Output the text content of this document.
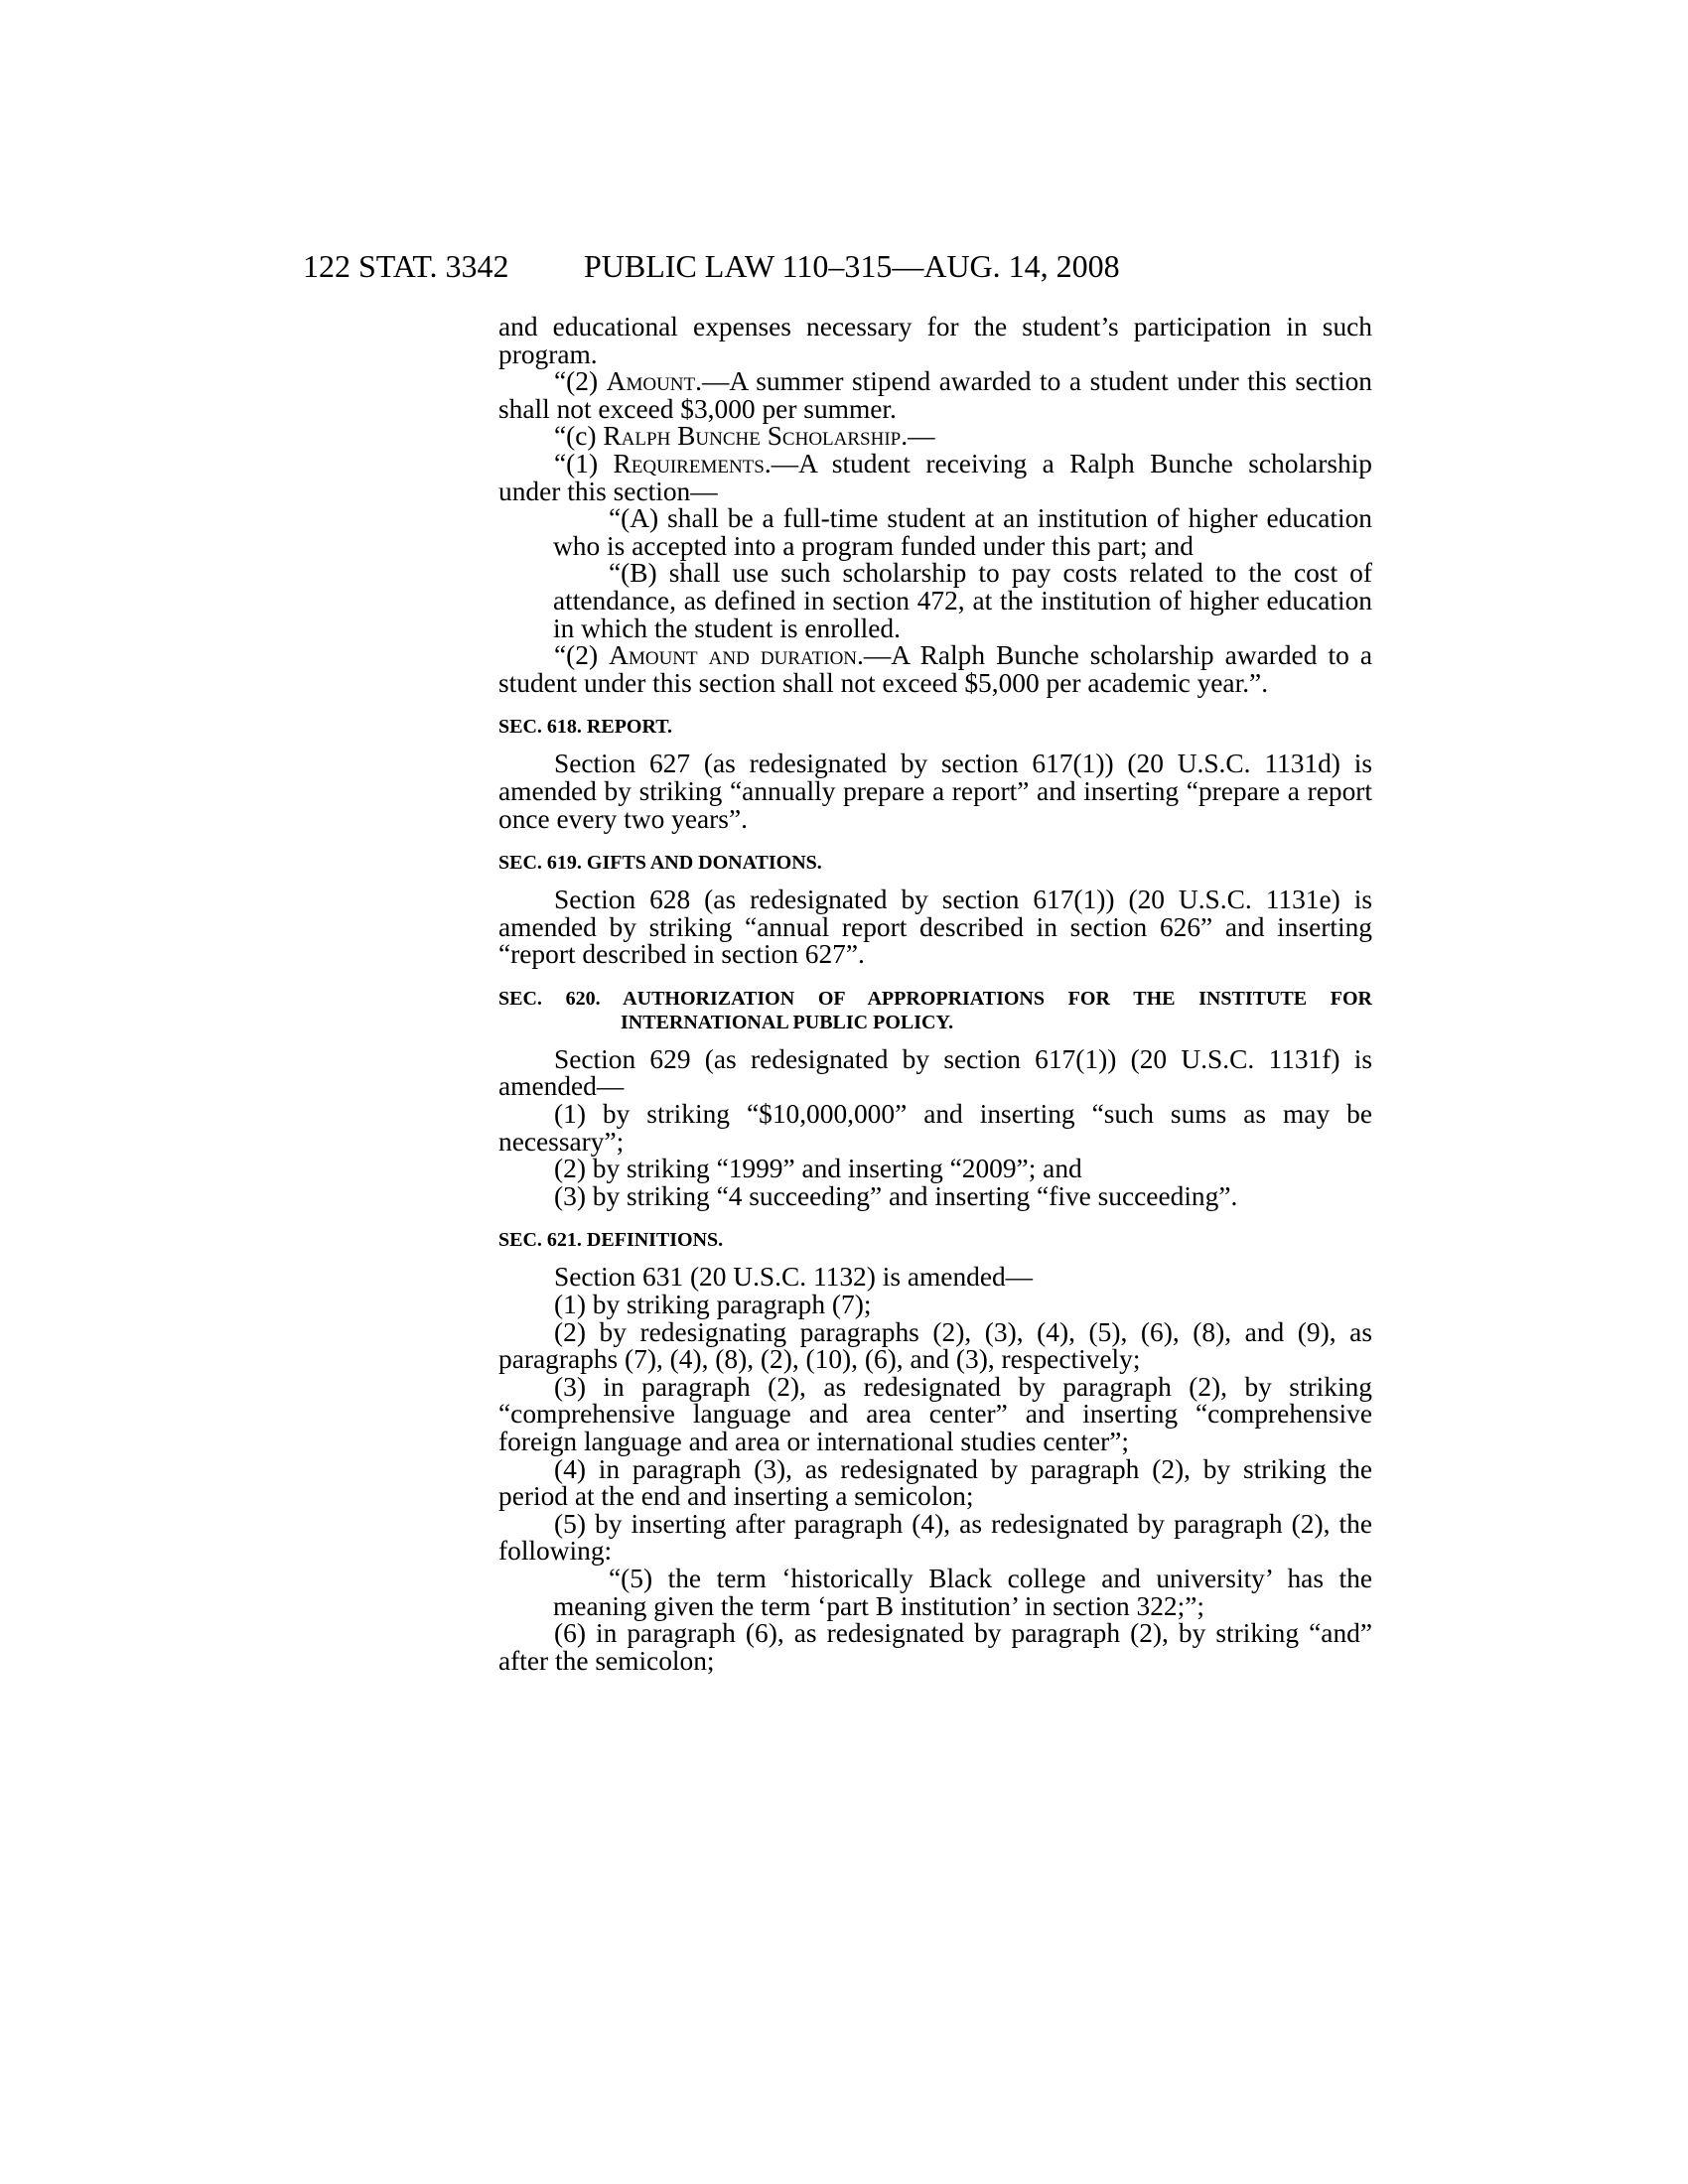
122 STAT. 3342 PUBLIC LAW 110–315—AUG. 14, 2008

and educational expenses necessary for the student’s participation in such program.

“(2) Amount.—A summer stipend awarded to a student under this section shall not exceed $3,000 per summer.

“(c) Ralph Bunche Scholarship.—

“(1) Requirements.—A student receiving a Ralph Bunche scholarship under this section—

“(A) shall be a full-time student at an institution of higher education who is accepted into a program funded under this part; and

“(B) shall use such scholarship to pay costs related to the cost of attendance, as defined in section 472, at the institution of higher education in which the student is enrolled.

“(2) Amount and duration.—A Ralph Bunche scholarship awarded to a student under this section shall not exceed $5,000 per academic year.”.

SEC. 618. REPORT.

Section 627 (as redesignated by section 617(1)) (20 U.S.C. 1131d) is amended by striking “annually prepare a report” and inserting “prepare a report once every two years”.

SEC. 619. GIFTS AND DONATIONS.

Section 628 (as redesignated by section 617(1)) (20 U.S.C. 1131e) is amended by striking “annual report described in section 626” and inserting “report described in section 627”.

SEC. 620. AUTHORIZATION OF APPROPRIATIONS FOR THE INSTITUTE FOR INTERNATIONAL PUBLIC POLICY.

Section 629 (as redesignated by section 617(1)) (20 U.S.C. 1131f) is amended—

(1) by striking “$10,000,000” and inserting “such sums as may be necessary”;

(2) by striking “1999” and inserting “2009”; and

(3) by striking “4 succeeding” and inserting “five succeeding”.

SEC. 621. DEFINITIONS.

Section 631 (20 U.S.C. 1132) is amended—

(1) by striking paragraph (7);

(2) by redesignating paragraphs (2), (3), (4), (5), (6), (8), and (9), as paragraphs (7), (4), (8), (2), (10), (6), and (3), respectively;

(3) in paragraph (2), as redesignated by paragraph (2), by striking “comprehensive language and area center” and inserting “comprehensive foreign language and area or international studies center”;

(4) in paragraph (3), as redesignated by paragraph (2), by striking the period at the end and inserting a semicolon;

(5) by inserting after paragraph (4), as redesignated by paragraph (2), the following:

“(5) the term ‘historically Black college and university’ has the meaning given the term ‘part B institution’ in section 322;”;

(6) in paragraph (6), as redesignated by paragraph (2), by striking “and” after the semicolon;
